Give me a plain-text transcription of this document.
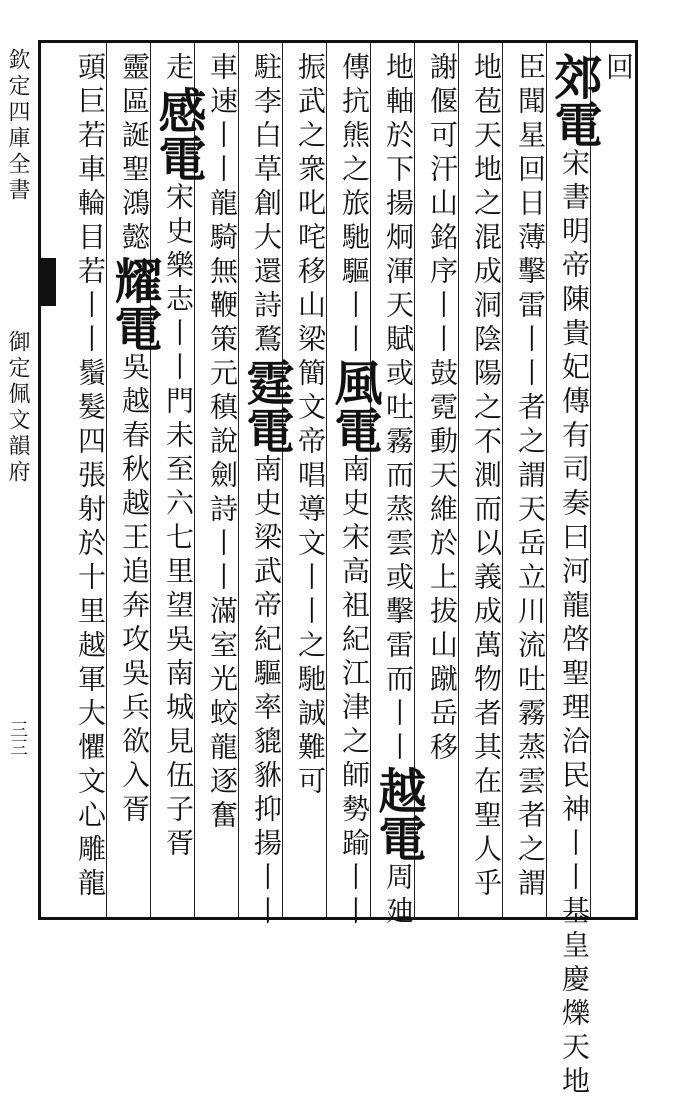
欽定四庫全書
御定佩文韻府
三三
回
郊電宋書明帝陳貴妃傳有司奏曰河龍啓聖理洽民神丨丨基皇慶爍天地
臣聞星回日薄擊雷丨丨者之謂天岳立川流吐霧蒸雲者之謂
地苞天地之混成洞陰陽之不測而以義成萬物者其在聖人乎
謝偃可汗山銘序丨丨鼓霓動天維於上拔山蹴岳移
地軸於下揚炯渾天賦或吐霧而蒸雲或擊雷而丨丨越電周廸
傳抗熊之旅馳驅丨丨風電南史宋高祖紀江津之師勢踰丨丨
振武之衆叱咤移山梁簡文帝唱導文丨丨之馳誠難可
駐李白草創大還詩鶩霆電南史梁武帝紀驅率貔貅抑揚丨丨
車速丨丨龍騎無鞭策元稹說劍詩丨丨滿室光蛟龍逐奮
走感電宋史樂志丨丨門未至六七里望吳南城見伍子胥
靈區誕聖鴻懿耀電吳越春秋越王追奔攻吳兵欲入胥
頭巨若車輪目若丨丨鬚髮四張射於十里越軍大懼文心雕龍
